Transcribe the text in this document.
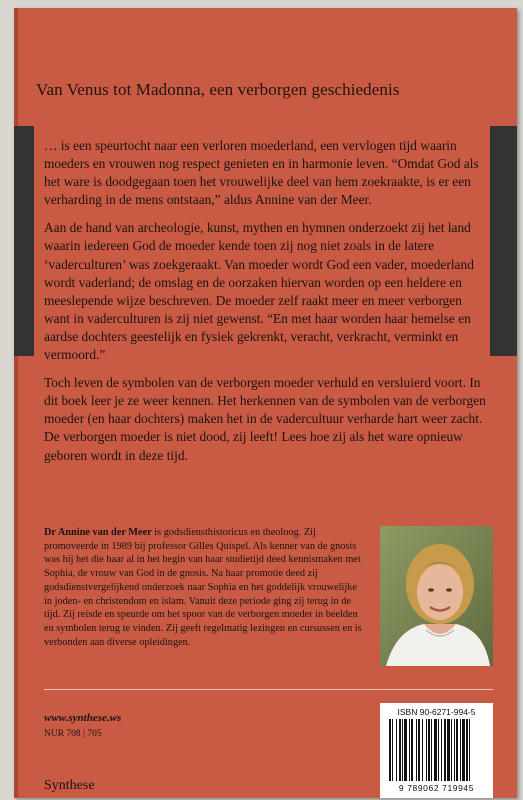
Van Venus tot Madonna, een verborgen geschiedenis

… is een speurtocht naar een verloren moederland, een vervlogen tijd waarin moeders en vrouwen nog respect genieten en in harmonie leven. “Omdat God als het ware is doodgegaan toen het vrouwelijke deel van hem zoekraakte, is er een verharding in de mens ontstaan,” aldus Annine van der Meer.

Aan de hand van archeologie, kunst, mythen en hymnen onderzoekt zij het land waarin iedereen God de moeder kende toen zij nog niet zoals in de latere ‘vaderculturen’ was zoekgeraakt. Van moeder wordt God een vader, moederland wordt vaderland; de omslag en de oorzaken hiervan worden op een heldere en meeslepende wijze beschreven. De moeder zelf raakt meer en meer verborgen want in vaderculturen is zij niet gewenst. “En met haar worden haar hemelse en aardse dochters geestelijk en fysiek gekrenkt, veracht, verkracht, verminkt en vermoord.”

Toch leven de symbolen van de verborgen moeder verhuld en versluierd voort. In dit boek leer je ze weer kennen. Het herkennen van de symbolen van de verborgen moeder (en haar dochters) maken het in de vadercultuur verharde hart weer zacht. De verborgen moeder is niet dood, zij leeft! Lees hoe zij als het ware opnieuw geboren wordt in deze tijd.

Dr Annine van der Meer is godsdiensthistoricus en theoloog. Zij promoveerde in 1989 bij professor Gilles Quispel. Als kenner van de gnosis was hij het die haar al in het begin van haar studietijd deed kennismaken met Sophia, de vrouw van God in de gnosis. Na haar promotie deed zij godsdienstvergelijkend onderzoek naar Sophia en het goddelijk vrouwelijke in joden- en christendom en islam. Vanuit deze periode ging zij terug in de tijd. Zij reisde en speurde om het spoor van de verborgen moeder in beelden en symbolen terug te vinden. Zij geeft regelmatig lezingen en cursussen en is verbonden aan diverse opleidingen.
www.synthese.ws
NUR 708 | 705
Synthese
ISBN 90-6271-994-5
9 789062 719945
